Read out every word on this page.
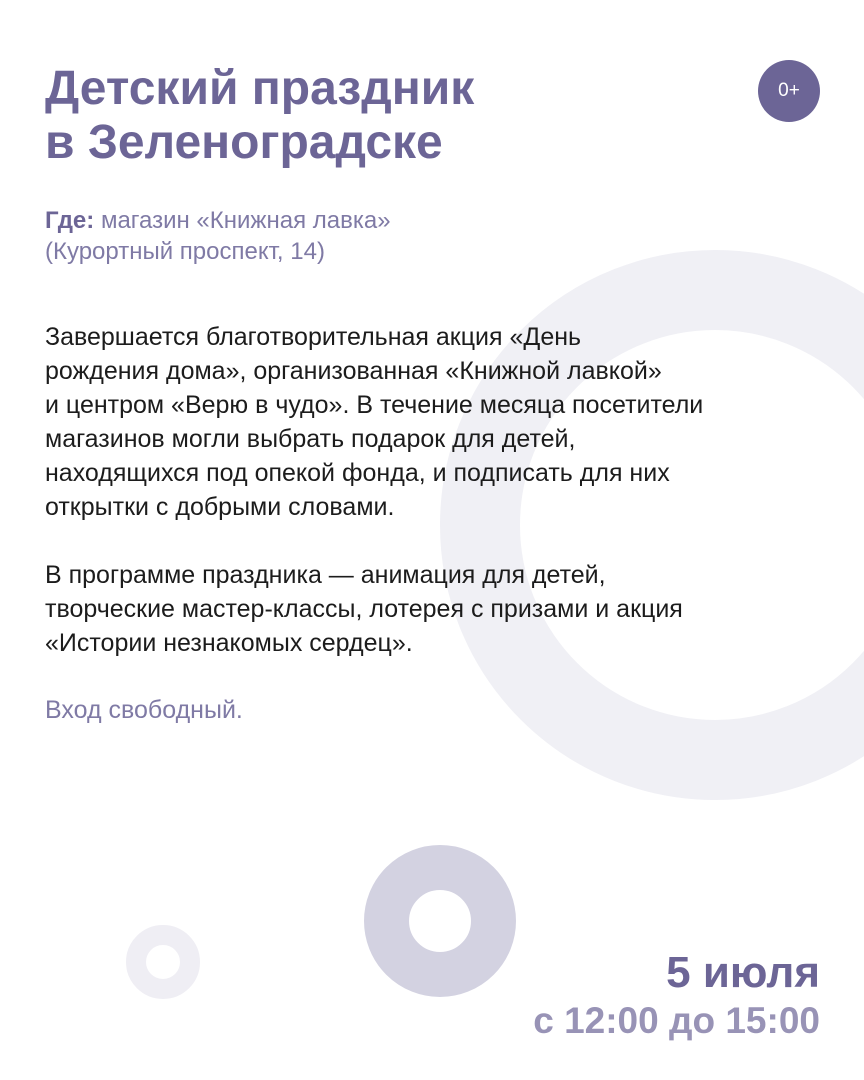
Детский праздник
в Зеленоградске
0+
Где: магазин «Книжная лавка»
(Курортный проспект, 14)

Завершается благотворительная акция «День
рождения дома», организованная «Книжной лавкой»
и центром «Верю в чудо». В течение месяца посетители
магазинов могли выбрать подарок для детей,
находящихся под опекой фонда, и подписать для них
открытки с добрыми словами.

В программе праздника — анимация для детей,
творческие мастер-классы, лотерея с призами и акция
«Истории незнакомых сердец».

Вход свободный.
5 июля
с 12:00 до 15:00
